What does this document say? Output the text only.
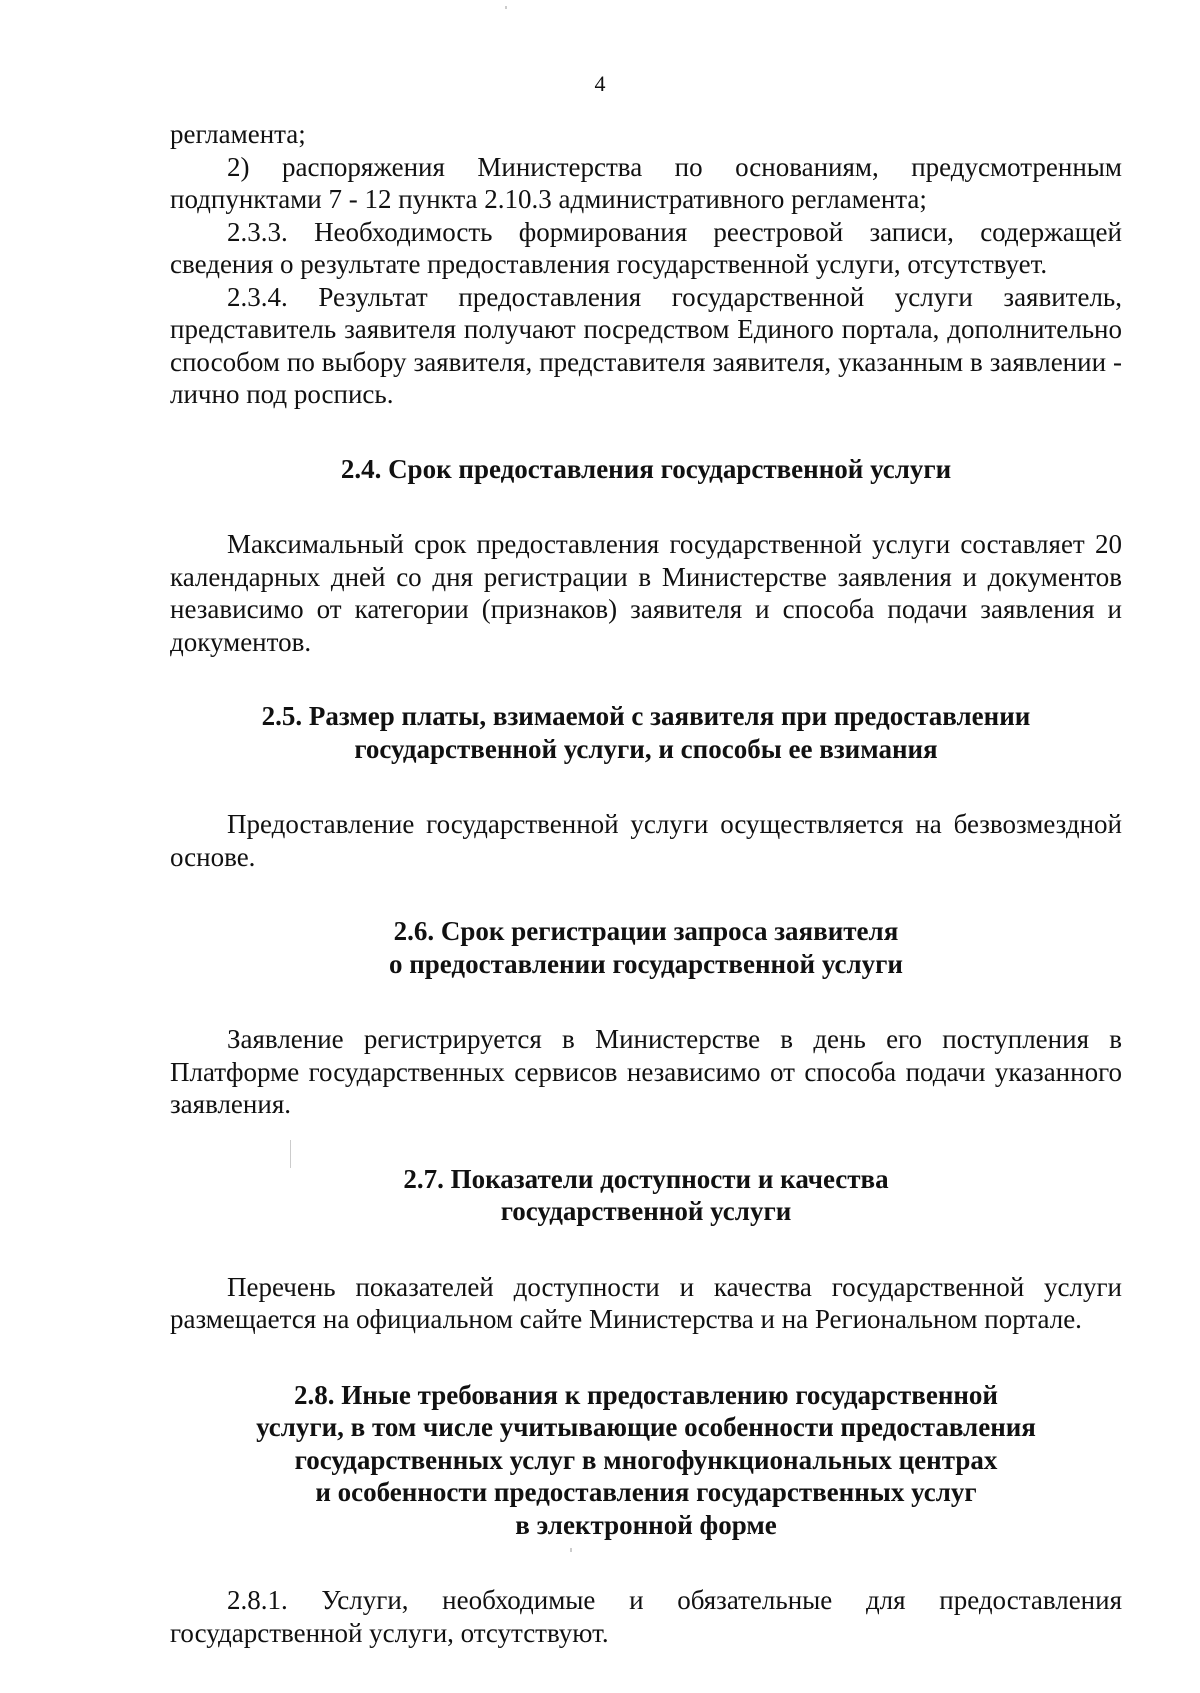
4

регламента;

2) распоряжения Министерства по основаниям, предусмотренным подпунктами 7 - 12 пункта 2.10.3 административного регламента;

2.3.3. Необходимость формирования реестровой записи, содержащей сведения о результате предоставления государственной услуги, отсутствует.

2.3.4. Результат предоставления государственной услуги заявитель, представитель заявителя получают посредством Единого портала, дополнительно способом по выбору заявителя, представителя заявителя, указанным в заявлении - лично под роспись.

2.4. Срок предоставления государственной услуги

Максимальный срок предоставления государственной услуги составляет 20 календарных дней со дня регистрации в Министерстве заявления и документов независимо от категории (признаков) заявителя и способа подачи заявления и документов.

2.5. Размер платы, взимаемой с заявителя при предоставлении
государственной услуги, и способы ее взимания

Предоставление государственной услуги осуществляется на безвозмездной основе.

2.6. Срок регистрации запроса заявителя
о предоставлении государственной услуги

Заявление регистрируется в Министерстве в день его поступления в Платформе государственных сервисов независимо от способа подачи указанного заявления.

2.7. Показатели доступности и качества
государственной услуги

Перечень показателей доступности и качества государственной услуги размещается на официальном сайте Министерства и на Региональном портале.

2.8. Иные требования к предоставлению государственной
услуги, в том числе учитывающие особенности предоставления
государственных услуг в многофункциональных центрах
и особенности предоставления государственных услуг
в электронной форме

2.8.1. Услуги, необходимые и обязательные для предоставления государственной услуги, отсутствуют.
